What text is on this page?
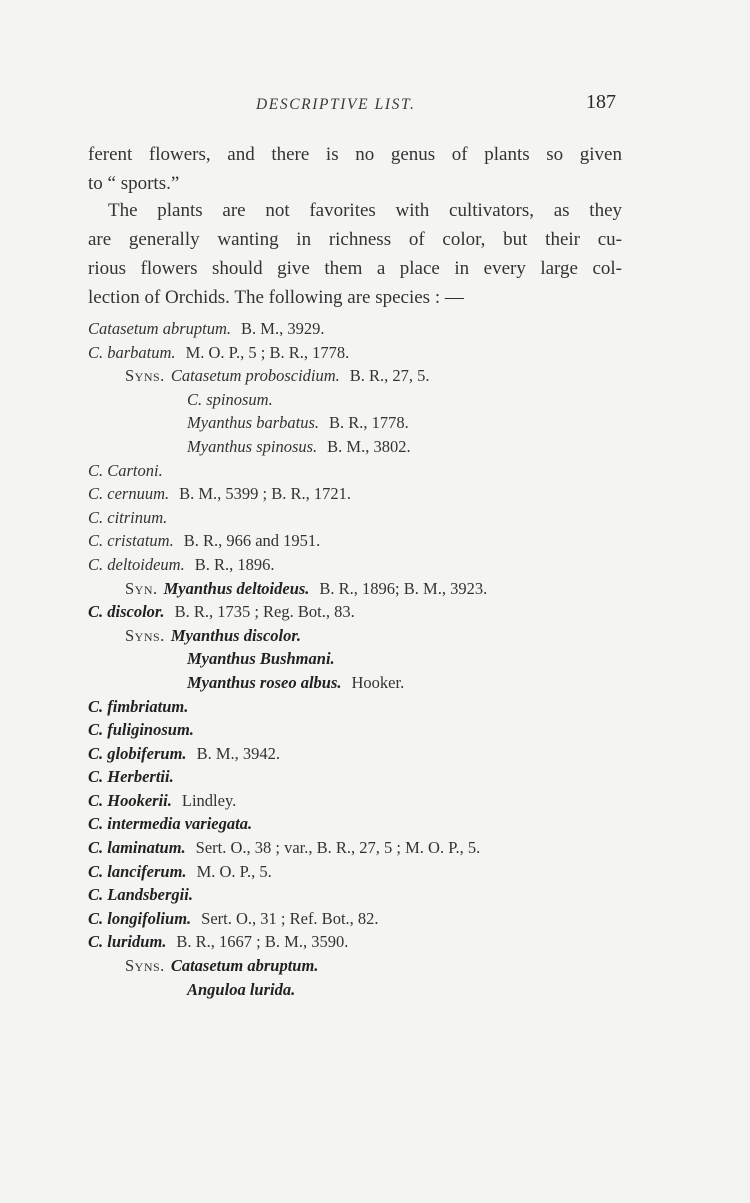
DESCRIPTIVE LIST.	187
ferent flowers, and there is no genus of plants so given
to “ sports.”
The plants are not favorites with cultivators, as they
are generally wanting in richness of color, but their cu-
rious flowers should give them a place in every large col-
lection of Orchids. The following are species : —
Catasetum abruptum. B. M., 3929.
C. barbatum. M. O. P., 5 ; B. R., 1778.
Syns. Catasetum proboscidium. B. R., 27, 5.
C. spinosum.
Myanthus barbatus. B. R., 1778.
Myanthus spinosus. B. M., 3802.
C. Cartoni.
C. cernuum. B. M., 5399 ; B. R., 1721.
C. citrinum.
C. cristatum. B. R., 966 and 1951.
C. deltoideum. B. R., 1896.
Syn. Myanthus deltoideus. B. R., 1896; B. M., 3923.
C. discolor. B. R., 1735 ; Reg. Bot., 83.
Syns. Myanthus discolor.
Myanthus Bushmani.
Myanthus roseo albus. Hooker.
C. fimbriatum.
C. fuliginosum.
C. globiferum. B. M., 3942.
C. Herbertii.
C. Hookerii. Lindley.
C. intermedia variegata.
C. laminatum. Sert. O., 38 ; var., B. R., 27, 5 ; M. O. P., 5.
C. lanciferum. M. O. P., 5.
C. Landsbergii.
C. longifolium. Sert. O., 31 ; Ref. Bot., 82.
C. luridum. B. R., 1667 ; B. M., 3590.
Syns. Catasetum abruptum.
Anguloa lurida.
